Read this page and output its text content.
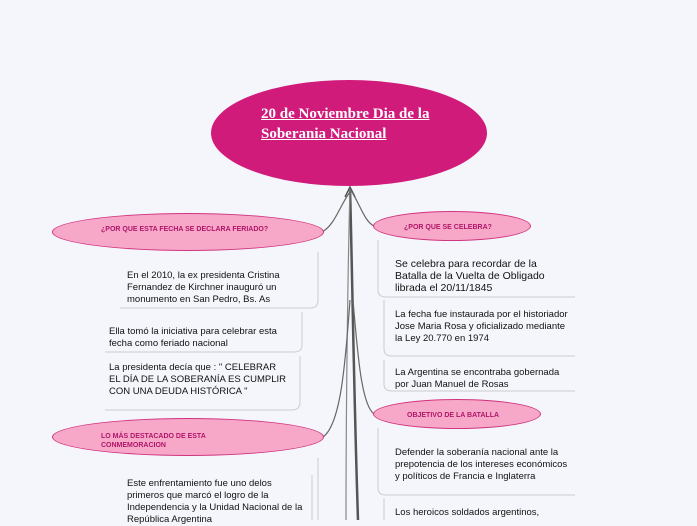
20 de Noviembre Dia de la Soberania Nacional
¿POR QUE ESTA FECHA SE DECLARA FERIADO?	¿POR QUE SE CELEBRA?
LO MÁS DESTACADO DE ESTA CONMEMORACION
OBJETIVO DE LA BATALLA
En el 2010, la ex presidenta Cristina Fernandez de Kirchner inauguró un monumento en San Pedro, Bs. As
Ella tomó la iniciativa para celebrar esta fecha como feriado nacional
La presidenta decía que : " CELEBRAR EL DÍA DE LA SOBERANÍA ES CUMPLIR CON UNA DEUDA HISTÓRICA "
Se celebra para recordar de la Batalla de la Vuelta de Obligado librada el 20/11/1845
La fecha fue instaurada por el historiador Jose Maria Rosa y oficializado mediante la Ley 20.770 en 1974
La Argentina se encontraba gobernada por Juan Manuel de Rosas
Defender la soberanía nacional ante la prepotencia de los intereses económicos y políticos de Francia e Inglaterra
Los heroicos soldados argentinos,
Este enfrentamiento fue uno delos primeros que marcó el logro de la Independencia y la Unidad Nacional de la República Argentina
